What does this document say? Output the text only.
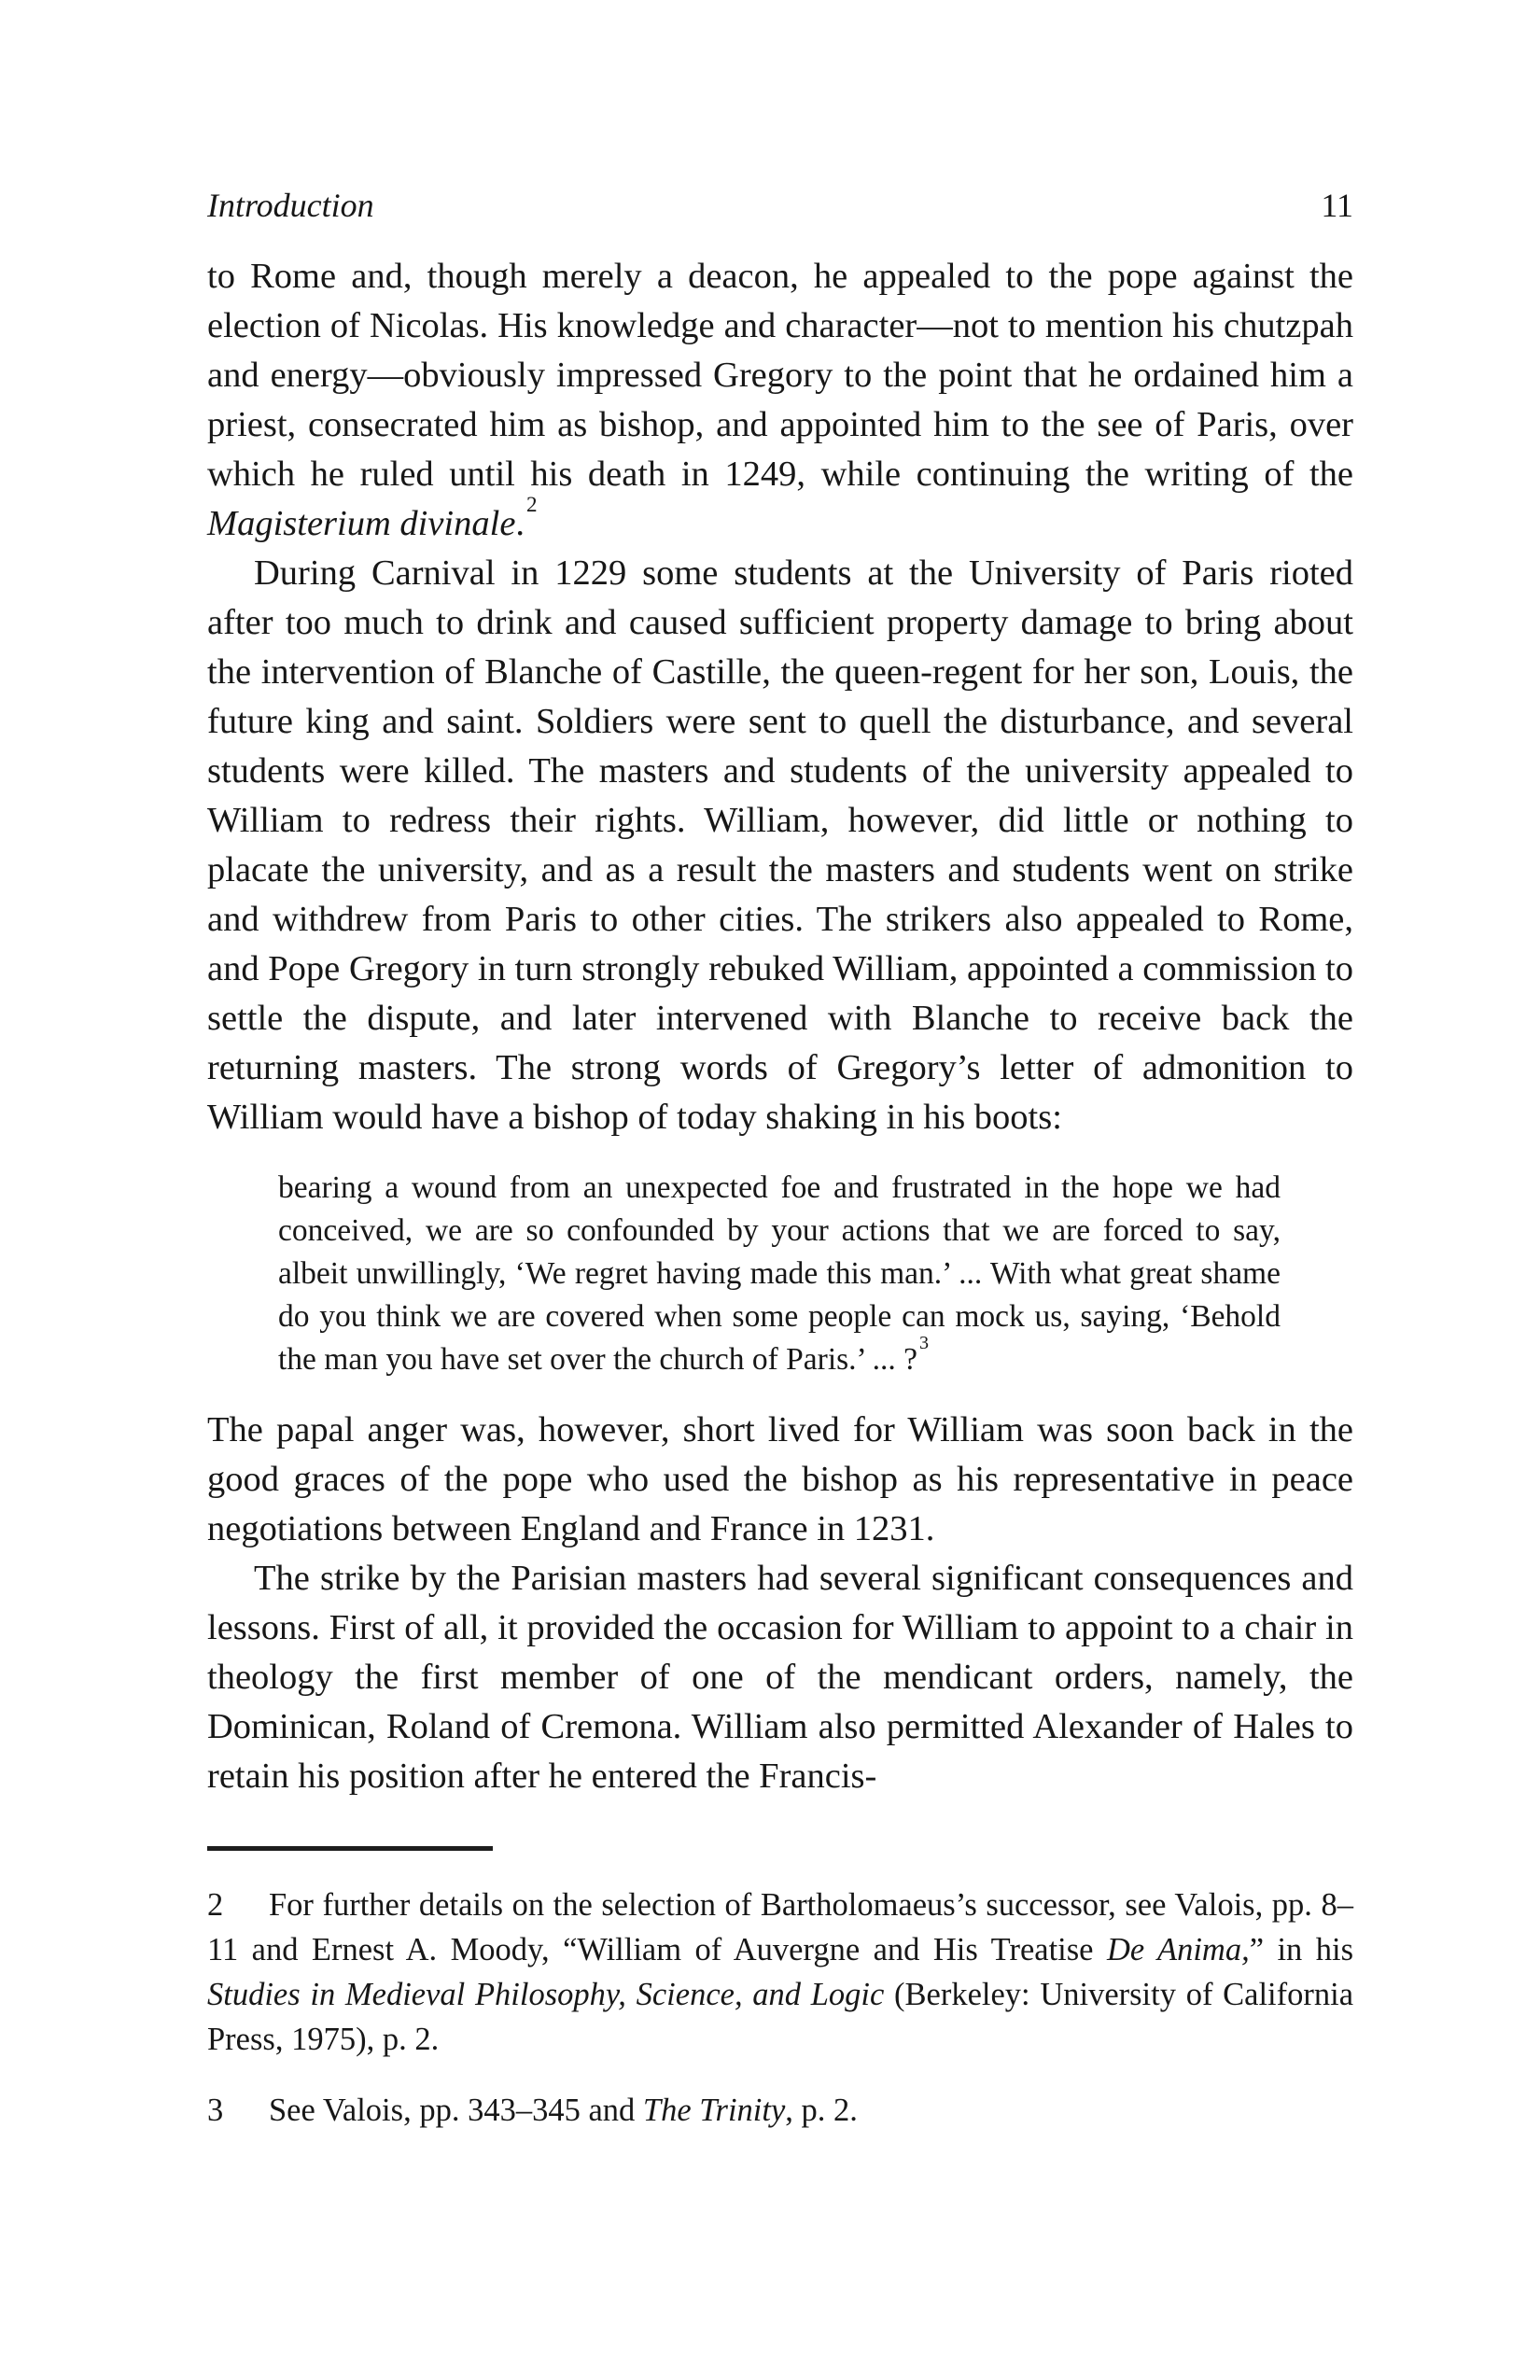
Introduction	11

to Rome and, though merely a deacon, he appealed to the pope against the election of Nicolas. His knowledge and character—not to mention his chutzpah and energy—obviously impressed Gregory to the point that he ordained him a priest, consecrated him as bishop, and appointed him to the see of Paris, over which he ruled until his death in 1249, while continuing the writing of the Magisterium divinale.$^2$

During Carnival in 1229 some students at the University of Paris rioted after too much to drink and caused sufficient property damage to bring about the intervention of Blanche of Castille, the queen-regent for her son, Louis, the future king and saint. Soldiers were sent to quell the disturbance, and several students were killed. The masters and students of the university appealed to William to redress their rights. William, however, did little or nothing to placate the university, and as a result the masters and students went on strike and withdrew from Paris to other cities. The strikers also appealed to Rome, and Pope Gregory in turn strongly rebuked William, appointed a commission to settle the dispute, and later intervened with Blanche to receive back the returning masters. The strong words of Gregory’s letter of admonition to William would have a bishop of today shaking in his boots:

bearing a wound from an unexpected foe and frustrated in the hope we had conceived, we are so confounded by your actions that we are forced to say, albeit unwillingly, ‘We regret having made this man.’ ... With what great shame do you think we are covered when some people can mock us, saying, ‘Behold the man you have set over the church of Paris.’ ... ?$^3$

The papal anger was, however, short lived for William was soon back in the good graces of the pope who used the bishop as his representative in peace negotiations between England and France in 1231.

The strike by the Parisian masters had several significant consequences and lessons. First of all, it provided the occasion for William to appoint to a chair in theology the first member of one of the mendicant orders, namely, the Dominican, Roland of Cremona. William also permitted Alexander of Hales to retain his position after he entered the Francis-

2 For further details on the selection of Bartholomaeus’s successor, see Valois, pp. 8–11 and Ernest A. Moody, “William of Auvergne and His Treatise De Anima,” in his Studies in Medieval Philosophy, Science, and Logic (Berkeley: University of California Press, 1975), p. 2.
3 See Valois, pp. 343–345 and The Trinity, p. 2.
